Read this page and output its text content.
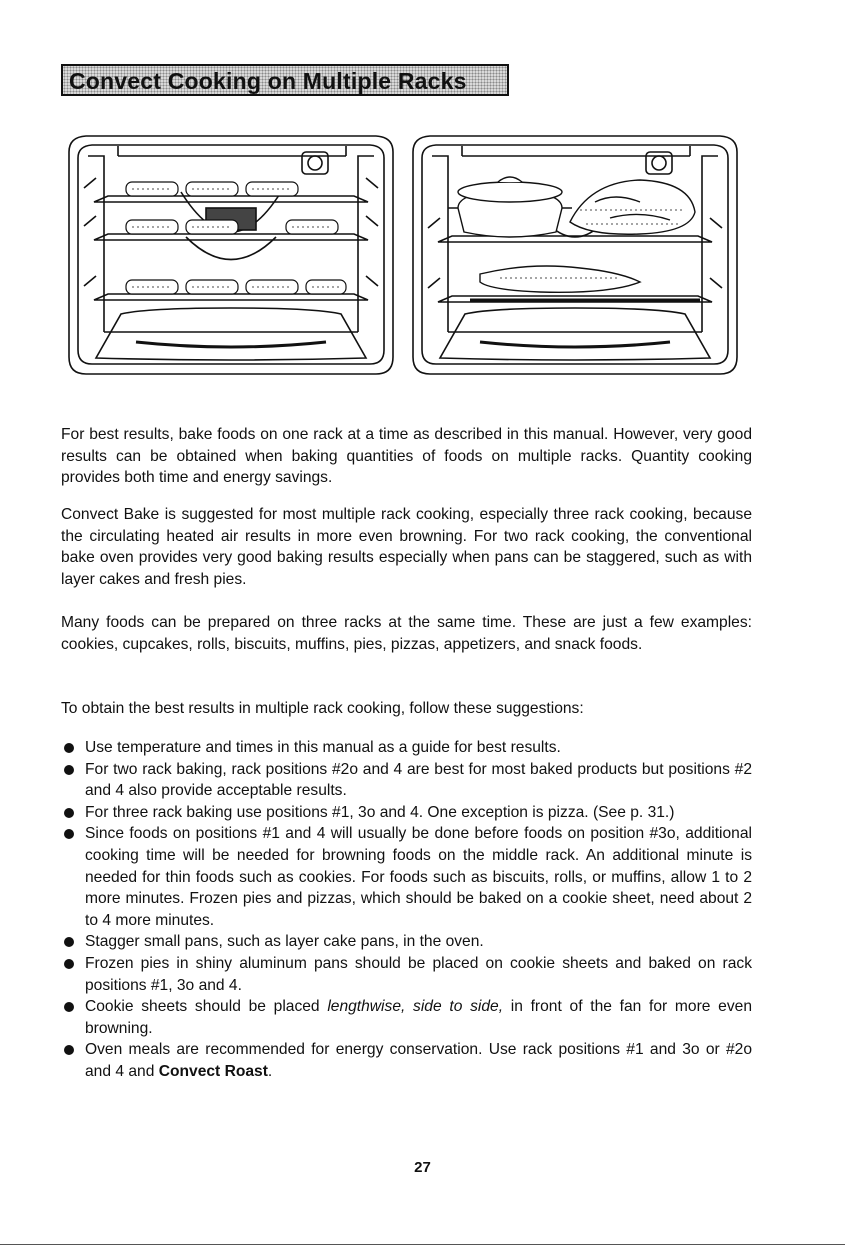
Convect Cooking on Multiple Racks

For best results, bake foods on one rack at a time as described in this manual. However, very good results can be obtained when baking quantities of foods on multiple racks. Quantity cooking provides both time and energy savings.

Convect Bake is suggested for most multiple rack cooking, especially three rack cooking, because the circulating heated air results in more even browning. For two rack cooking, the conventional bake oven provides very good baking results especially when pans can be staggered, such as with layer cakes and fresh pies.

Many foods can be prepared on three racks at the same time. These are just a few examples: cookies, cupcakes, rolls, biscuits, muffins, pies, pizzas, appetizers, and snack foods.

To obtain the best results in multiple rack cooking, follow these suggestions:

Use temperature and times in this manual as a guide for best results.
For two rack baking, rack positions #2o and 4 are best for most baked products but positions #2 and 4 also provide acceptable results.
For three rack baking use positions #1, 3o and 4. One exception is pizza. (See p. 31.)
Since foods on positions #1 and 4 will usually be done before foods on position #3o, additional cooking time will be needed for browning foods on the middle rack. An additional minute is needed for thin foods such as cookies. For foods such as biscuits, rolls, or muffins, allow 1 to 2 more minutes. Frozen pies and pizzas, which should be baked on a cookie sheet, need about 2 to 4 more minutes.
Stagger small pans, such as layer cake pans, in the oven.
Frozen pies in shiny aluminum pans should be placed on cookie sheets and baked on rack positions #1, 3o and 4.
Cookie sheets should be placed lengthwise, side to side, in front of the fan for more even browning.
Oven meals are recommended for energy conservation. Use rack positions #1 and 3o or #2o and 4 and Convect Roast.
27
